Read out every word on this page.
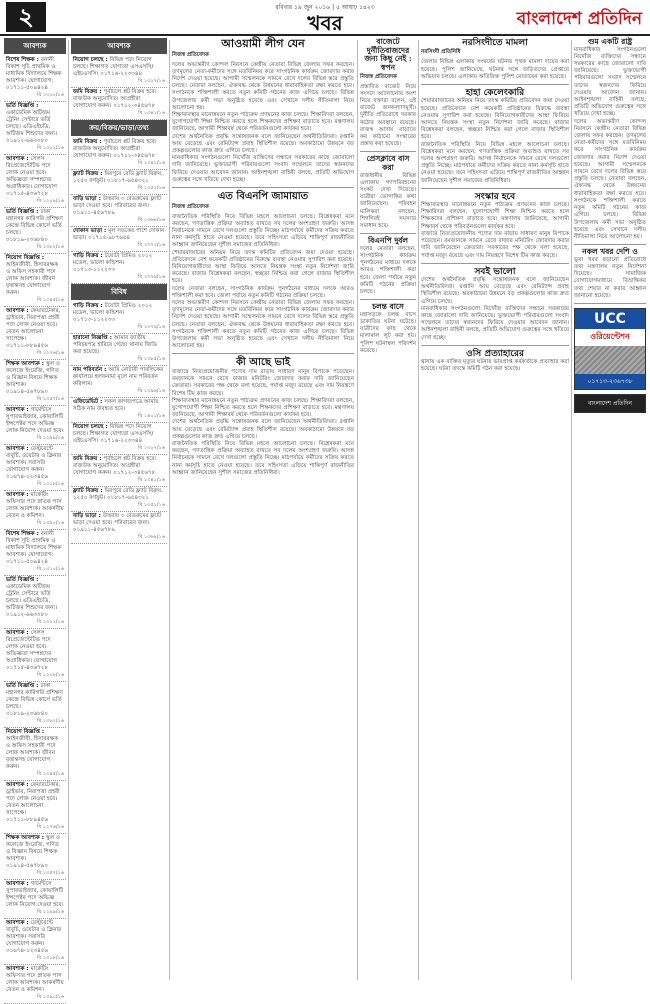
২	রবিবার ১৯ জুন ২০১৬ | ৫ আষাঢ় ১৪২৩
খবর	বাংলাদেশ প্রতিদিন
আবশ্যক
বিশেষ শিক্ষক : বনানী বিকাশ সূচি প্রাথমিক ও মাধ্যমিক বিদ্যালয়ে শিক্ষক আবশ্যক। যোগাযোগ: ০১৭১১-৫০৯৪২৪
বি ১৩১০/১৬
ভর্তি বিজ্ঞপ্তি : একাডেমিক অটিজম ট্রেনিং সেন্টারে ভর্তি চলছে। এডিএইচডি, অটিজম শিশুদের জন্য। ০১৯১২-৬৬৩০৮০
বি ১৩২১/১৬
আবশ্যক : সেলস রিপ্রেজেন্টেটিভ পদে লোক নেওয়া হবে। অভিজ্ঞতা সম্পন্নদের অগ্রাধিকার। যোগাযোগ ০১৭১৫-৪৩৬৭২৮
বি ১২০৮/১৬
ভর্তি বিজ্ঞপ্তি : ঢাকা মহানগর কারিগরি প্রশিক্ষণ কেন্দ্রে বিভিন্ন কোর্সে ভর্তি চলছে। ০১৮১৯-২৩৬৮৪০
বি ১৩৮২/১৬
নিয়োগ বিজ্ঞপ্তি : আইনজীবী, হিসাবরক্ষক ও অফিস সহকারী পদে লোক আবশ্যক। জীবন বৃত্তান্তসহ যোগাযোগ করুন।
বি ১৩৪৫/১৬
আবশ্যক : কেয়ারটেকার, ড্রাইভার, নিরাপত্তা প্রহরী পদে লোক নেওয়া হবে। বেতন আলোচনা সাপেক্ষে। ০১৭১১-৮৮৯৪৫৬
বি ১২৭৬/১৬
শিক্ষক আবশ্যক : স্কুল ও কলেজে ইংরেজি, গণিত ও বিজ্ঞান বিষয়ে শিক্ষক আবশ্যক। ০১৯১৪-৫৬৭৮৯০
বি ১৩৫৭/১৬
আবশ্যক : গার্মেন্টসে সুপারভাইজার, কোয়ালিটি ইন্সপেক্টর পদে অভিজ্ঞ লোক নিয়োগ দেওয়া হবে।
বি ১২৯৯/১৬
আবশ্যক : রেস্টুরেন্টে বাবুর্চি, ওয়েটার ও ক্লিনার আবশ্যক। সরাসরি যোগাযোগ করুন। ০১৬৭৪-১২৩৪৫৬
বি ১৩১৮/১৬
আবশ্যক : মার্কেটিং অফিসার পদে স্নাতক পাস লোক আবশ্যক। আকর্ষণীয় বেতন ও কমিশন।
বি ১৩৯০/১৬
বিশেষ শিক্ষক : বনানী বিকাশ সূচি প্রাথমিক ও মাধ্যমিক বিদ্যালয়ে শিক্ষক আবশ্যক। যোগাযোগ: ০১৭১১-৫০৯৪২৪
বি ১৩১০/১৬
ভর্তি বিজ্ঞপ্তি : একাডেমিক অটিজম ট্রেনিং সেন্টারে ভর্তি চলছে। এডিএইচডি, অটিজম শিশুদের জন্য। ০১৯১২-৬৬৩০৮০
বি ১৩২১/১৬
আবশ্যক : সেলস রিপ্রেজেন্টেটিভ পদে লোক নেওয়া হবে। অভিজ্ঞতা সম্পন্নদের অগ্রাধিকার। যোগাযোগ ০১৭১৫-৪৩৬৭২৮
বি ১২০৮/১৬
ভর্তি বিজ্ঞপ্তি : ঢাকা মহানগর কারিগরি প্রশিক্ষণ কেন্দ্রে বিভিন্ন কোর্সে ভর্তি চলছে। ০১৮১৯-২৩৬৮৪০
বি ১৩৮২/১৬
নিয়োগ বিজ্ঞপ্তি : আইনজীবী, হিসাবরক্ষক ও অফিস সহকারী পদে লোক আবশ্যক। জীবন বৃত্তান্তসহ যোগাযোগ করুন।
বি ১৩৪৫/১৬
আবশ্যক : কেয়ারটেকার, ড্রাইভার, নিরাপত্তা প্রহরী পদে লোক নেওয়া হবে। বেতন আলোচনা সাপেক্ষে। ০১৭১১-৮৮৯৪৫৬
বি ১২৭৬/১৬
শিক্ষক আবশ্যক : স্কুল ও কলেজে ইংরেজি, গণিত ও বিজ্ঞান বিষয়ে শিক্ষক আবশ্যক। ০১৯১৪-৫৬৭৮৯০
বি ১৩৫৭/১৬
আবশ্যক : গার্মেন্টসে সুপারভাইজার, কোয়ালিটি ইন্সপেক্টর পদে অভিজ্ঞ লোক নিয়োগ দেওয়া হবে।
বি ১২৯৯/১৬
আবশ্যক : রেস্টুরেন্টে বাবুর্চি, ওয়েটার ও ক্লিনার আবশ্যক। সরাসরি যোগাযোগ করুন। ০১৬৭৪-১২৩৪৫৬
বি ১৩১৮/১৬
আবশ্যক : মার্কেটিং অফিসার পদে স্নাতক পাস লোক আবশ্যক। আকর্ষণীয় বেতন ও কমিশন।
বি ১৩৯০/১৬
আবশ্যক
নিয়োগ চলছে : বিভিন্ন পদে নিয়োগ চলছে। শিক্ষাগত যোগ্যতা এসএসসি/এইচএসসি। ০১৭১৬-২২৩৩৪৪
বি ১৩২৭/১৬
জমি বিক্রয় : পূর্বাচলে প্লট বিক্রয় হবে। রাজউক অনুমোদিত। আগ্রহীরা যোগাযোগ করুন। ০১৭১২-৩৪৫৬৭৮
বি ১৩৪১/১৬
ক্রয়/বিক্রয়/ভাড়া/তথ্য
জমি বিক্রয় : পূর্বাচলে প্লট বিক্রয় হবে। রাজউক অনুমোদিত। আগ্রহীরা যোগাযোগ করুন। ০১৭১২-৩৪৫৬৭৮
বি ১৩৪১/১৬
ফ্ল্যাট বিক্রয় : মিরপুরে রেডি ফ্ল্যাট বিক্রয়, ১২৫০ বর্গফুট। ০১৮১৭-৬৫৪৩২১
বি ১৩৫২/১৬
বাড়ি ভাড়া : উত্তরায় ৩ বেডরুমের ফ্ল্যাট ভাড়া দেওয়া হবে। পরিবারের জন্য। ০১৯১১-৪৫৬৭৮৯
বি ১৩৬৮/১৬
দোকান ভাড়া : মূল সড়কের পাশে দোকান ভাড়া। ০১৭১৫-৯৮৭৬৫৪
বি ১৩৭৩/১৬
গাড়ি বিক্রয় : টয়োটা প্রিমিও ২০১২ মডেল, ভালো কন্ডিশন। ০১৭১৩-১১২২৩৩
বি ১৩৭৯/১৬
বিবিধ
গাড়ি বিক্রয় : টয়োটা প্রিমিও ২০১২ মডেল, ভালো কন্ডিশন। ০১৭১৩-১১২২৩৩
বি ১৩৭৯/১৬
হারানো বিজ্ঞপ্তি : আমার জাতীয় পরিচয়পত্র হারিয়ে গেছে। থানায় জিডি করা হয়েছে।
বি ১৩৮৫/১৬
নাম পরিবর্তন : আমি নোটারী পাবলিকের কার্যালয়ে হলফনামা মূলে নাম পরিবর্তন করিলাম।
বি ১৩৯৬/১৬
এফিডেভিট : সকল কাগজপত্রে আমার সঠিক নাম ব্যবহৃত হবে।
বি ১৪০১/১৬
নিয়োগ চলছে : বিভিন্ন পদে নিয়োগ চলছে। শিক্ষাগত যোগ্যতা এসএসসি/এইচএসসি। ০১৭১৬-২২৩৩৪৪
বি ১৩২৭/১৬
জমি বিক্রয় : পূর্বাচলে প্লট বিক্রয় হবে। রাজউক অনুমোদিত। আগ্রহীরা যোগাযোগ করুন। ০১৭১২-৩৪৫৬৭৮
বি ১৩৪১/১৬
ফ্ল্যাট বিক্রয় : মিরপুরে রেডি ফ্ল্যাট বিক্রয়, ১২৫০ বর্গফুট। ০১৮১৭-৬৫৪৩২১
বি ১৩৫২/১৬
বাড়ি ভাড়া : উত্তরায় ৩ বেডরুমের ফ্ল্যাট ভাড়া দেওয়া হবে। পরিবারের জন্য। ০১৯১১-৪৫৬৭৮৯
বি ১৩৬৮/১৬
আওয়ামী লীগ যেন
নিজস্ব প্রতিবেদক
দলের অভ্যন্তরীণ কোন্দল নিরসনে কেন্দ্রীয় নেতারা বিভিন্ন জেলায় সফর করছেন। তৃণমূলের নেতা-কর্মীদের সঙ্গে মতবিনিময় করে সাংগঠনিক কার্যক্রম জোরদার করার নির্দেশ দেওয়া হয়েছে। আগামী সম্মেলনকে সামনে রেখে দলের বিভিন্ন স্তরে প্রস্তুতি চলছে। নেতারা বলছেন, ঐক্যবদ্ধ থেকে উন্নয়নের ধারাবাহিকতা রক্ষা করতে হবে। সংগঠনকে শক্তিশালী করতে নতুন কমিটি গঠনের কাজ এগিয়ে চলছে। বিভিন্ন উপজেলায় কর্মী সভা অনুষ্ঠিত হয়েছে এবং সেখানে দলীয় নীতিমালা নিয়ে আলোচনা হয়।
শিক্ষাব্যবস্থার মানোন্নয়নে নতুন পাঠ্যক্রম প্রণয়নের কাজ চলছে। শিক্ষাবিদরা বলছেন, যুগোপযোগী শিক্ষা নিশ্চিত করতে হলে শিক্ষকদের প্রশিক্ষণ বাড়াতে হবে। মন্ত্রণালয় জানিয়েছে, আগামী শিক্ষাবর্ষ থেকে পরিবর্তনগুলো কার্যকর হবে।
দেশের অর্থনৈতিক প্রবৃদ্ধি সন্তোষজনক বলে জানিয়েছেন অর্থনীতিবিদরা। রপ্তানি আয় বেড়েছে এবং রেমিট্যান্স প্রবাহ স্থিতিশীল রয়েছে। অবকাঠামো উন্নয়নে বড় প্রকল্পগুলোর কাজ দ্রুত এগিয়ে চলছে।
মানবাধিকার সংগঠনগুলো নিখোঁজ ব্যক্তিদের সন্ধানে সরকারের কাছে জোরালো দাবি জানিয়েছে। ভুক্তভোগী পরিবারগুলো সংবাদ সম্মেলনে তাদের স্বজনদের ফিরিয়ে দেওয়ার আবেদন জানান। আইনশৃঙ্খলা বাহিনী বলছে, প্রতিটি অভিযোগ গুরুত্বের সঙ্গে খতিয়ে দেখা হচ্ছে।
এত বিএনপি জামায়াত
নিজস্ব প্রতিবেদক
রাজনৈতিক পরিস্থিতি নিয়ে বিভিন্ন মহলে আলোচনা চলছে। বিশ্লেষকরা মনে করছেন, গণতান্ত্রিক প্রক্রিয়া অব্যাহত রাখতে সব দলের অংশগ্রহণ জরুরি। আসন্ন নির্বাচনকে সামনে রেখে দলগুলো প্রস্তুতি নিচ্ছে। মাঠপর্যায়ে কর্মীদের সক্রিয় করতে নানা কর্মসূচি হাতে নেওয়া হয়েছে। তবে সহিংসতা এড়িয়ে শান্তিপূর্ণ রাজনীতির আহ্বান জানিয়েছেন সুশীল সমাজের প্রতিনিধিরা।
শেয়ারবাজারের অনিয়ম নিয়ে তদন্ত কমিটির প্রতিবেদন জমা দেওয়া হয়েছে। প্রতিবেদনে বেশ কয়েকটি প্রতিষ্ঠানের বিরুদ্ধে ব্যবস্থা নেওয়ার সুপারিশ করা হয়েছে। বিনিয়োগকারীদের আস্থা ফিরিয়ে আনতে নিয়ন্ত্রক সংস্থা নতুন নির্দেশনা জারি করেছে। বাজার বিশ্লেষকরা বলছেন, স্বচ্ছতা নিশ্চিত করা গেলে বাজার স্থিতিশীল হবে।
দলের নেতারা বলছেন, সাংগঠনিক কার্যক্রম পুনর্গঠনের মাধ্যমে দলকে আরও শক্তিশালী করা হবে। জেলা পর্যায়ে নতুন কমিটি গঠনের প্রক্রিয়া চলছে।
দলের অভ্যন্তরীণ কোন্দল নিরসনে কেন্দ্রীয় নেতারা বিভিন্ন জেলায় সফর করছেন। তৃণমূলের নেতা-কর্মীদের সঙ্গে মতবিনিময় করে সাংগঠনিক কার্যক্রম জোরদার করার নির্দেশ দেওয়া হয়েছে। আগামী সম্মেলনকে সামনে রেখে দলের বিভিন্ন স্তরে প্রস্তুতি চলছে। নেতারা বলছেন, ঐক্যবদ্ধ থেকে উন্নয়নের ধারাবাহিকতা রক্ষা করতে হবে। সংগঠনকে শক্তিশালী করতে নতুন কমিটি গঠনের কাজ এগিয়ে চলছে। বিভিন্ন উপজেলায় কর্মী সভা অনুষ্ঠিত হয়েছে এবং সেখানে দলীয় নীতিমালা নিয়ে আলোচনা হয়।
কী আছে ভাই
বাজারে নিত্যপ্রয়োজনীয় পণ্যের দাম বাড়ায় সাধারণ মানুষ বিপাকে পড়েছেন। রমজানকে সামনে রেখে বাজার মনিটরিং জোরদার করার দাবি জানিয়েছেন ক্রেতারা। সরকারের পক্ষ থেকে বলা হয়েছে, পর্যাপ্ত মজুদ রয়েছে এবং দাম নিয়ন্ত্রণে বিশেষ টিম কাজ করছে।
শিক্ষাব্যবস্থার মানোন্নয়নে নতুন পাঠ্যক্রম প্রণয়নের কাজ চলছে। শিক্ষাবিদরা বলছেন, যুগোপযোগী শিক্ষা নিশ্চিত করতে হলে শিক্ষকদের প্রশিক্ষণ বাড়াতে হবে। মন্ত্রণালয় জানিয়েছে, আগামী শিক্ষাবর্ষ থেকে পরিবর্তনগুলো কার্যকর হবে।
দেশের অর্থনৈতিক প্রবৃদ্ধি সন্তোষজনক বলে জানিয়েছেন অর্থনীতিবিদরা। রপ্তানি আয় বেড়েছে এবং রেমিট্যান্স প্রবাহ স্থিতিশীল রয়েছে। অবকাঠামো উন্নয়নে বড় প্রকল্পগুলোর কাজ দ্রুত এগিয়ে চলছে।
রাজনৈতিক পরিস্থিতি নিয়ে বিভিন্ন মহলে আলোচনা চলছে। বিশ্লেষকরা মনে করছেন, গণতান্ত্রিক প্রক্রিয়া অব্যাহত রাখতে সব দলের অংশগ্রহণ জরুরি। আসন্ন নির্বাচনকে সামনে রেখে দলগুলো প্রস্তুতি নিচ্ছে। মাঠপর্যায়ে কর্মীদের সক্রিয় করতে নানা কর্মসূচি হাতে নেওয়া হয়েছে। তবে সহিংসতা এড়িয়ে শান্তিপূর্ণ রাজনীতির আহ্বান জানিয়েছেন সুশীল সমাজের প্রতিনিধিরা।
বাজেটে দুর্নীতিবাজদের জন্য কিছু নেই : স্বপন
নিজস্ব প্রতিবেদক
প্রস্তাবিত বাজেট নিয়ে সংসদে আলোচনায় অংশ নিয়ে বক্তারা বলেন, এই বাজেট জনকল্যাণমুখী। দুর্নীতি প্রতিরোধে সরকার কঠোর অবস্থানে রয়েছে। রাজস্ব আদায় বাড়াতে কর কাঠামো সংস্কারের প্রস্তাব করা হয়েছে।
প্রেসক্লাবে বাস করা
রাজধানীর বিভিন্ন এলাকায় গণপরিবহনের সংকট দেখা দিয়েছে। যাত্রীরা ভোগান্তির কথা জানিয়েছেন। পরিবহন মালিকরা বলছেন, শিগগিরই সমস্যার সমাধান হবে।
বিএনপি দুর্বল
দলের নেতারা বলছেন, সাংগঠনিক কার্যক্রম পুনর্গঠনের মাধ্যমে দলকে আরও শক্তিশালী করা হবে। জেলা পর্যায়ে নতুন কমিটি গঠনের প্রক্রিয়া চলছে।
চলন্ত বাসে
মহাসড়কে চলন্ত বাসে ডাকাতির ঘটনা ঘটেছে। যাত্রীদের কাছ থেকে মালামাল লুট করা হয়। পুলিশ ঘটনাস্থল পরিদর্শন করেছে।
নরসিংদীতে মামলা
নরসিংদী প্রতিনিধি
জেলার বিভিন্ন এলাকায় সংঘর্ষের ঘটনায় পৃথক মামলা দায়ের করা হয়েছে। পুলিশ জানিয়েছে, ঘটনার সঙ্গে জড়িতদের গ্রেপ্তারে অভিযান চলছে। এলাকায় অতিরিক্ত পুলিশ মোতায়েন করা হয়েছে।
হাহা কেলেংকারি
শেয়ারবাজারের অনিয়ম নিয়ে তদন্ত কমিটির প্রতিবেদন জমা দেওয়া হয়েছে। প্রতিবেদনে বেশ কয়েকটি প্রতিষ্ঠানের বিরুদ্ধে ব্যবস্থা নেওয়ার সুপারিশ করা হয়েছে। বিনিয়োগকারীদের আস্থা ফিরিয়ে আনতে নিয়ন্ত্রক সংস্থা নতুন নির্দেশনা জারি করেছে। বাজার বিশ্লেষকরা বলছেন, স্বচ্ছতা নিশ্চিত করা গেলে বাজার স্থিতিশীল হবে।
রাজনৈতিক পরিস্থিতি নিয়ে বিভিন্ন মহলে আলোচনা চলছে। বিশ্লেষকরা মনে করছেন, গণতান্ত্রিক প্রক্রিয়া অব্যাহত রাখতে সব দলের অংশগ্রহণ জরুরি। আসন্ন নির্বাচনকে সামনে রেখে দলগুলো প্রস্তুতি নিচ্ছে। মাঠপর্যায়ে কর্মীদের সক্রিয় করতে নানা কর্মসূচি হাতে নেওয়া হয়েছে। তবে সহিংসতা এড়িয়ে শান্তিপূর্ণ রাজনীতির আহ্বান জানিয়েছেন সুশীল সমাজের প্রতিনিধিরা।
সংস্কার হবে
শিক্ষাব্যবস্থার মানোন্নয়নে নতুন পাঠ্যক্রম প্রণয়নের কাজ চলছে। শিক্ষাবিদরা বলছেন, যুগোপযোগী শিক্ষা নিশ্চিত করতে হলে শিক্ষকদের প্রশিক্ষণ বাড়াতে হবে। মন্ত্রণালয় জানিয়েছে, আগামী শিক্ষাবর্ষ থেকে পরিবর্তনগুলো কার্যকর হবে।
বাজারে নিত্যপ্রয়োজনীয় পণ্যের দাম বাড়ায় সাধারণ মানুষ বিপাকে পড়েছেন। রমজানকে সামনে রেখে বাজার মনিটরিং জোরদার করার দাবি জানিয়েছেন ক্রেতারা। সরকারের পক্ষ থেকে বলা হয়েছে, পর্যাপ্ত মজুদ রয়েছে এবং দাম নিয়ন্ত্রণে বিশেষ টিম কাজ করছে।
সবই ভালো
দেশের অর্থনৈতিক প্রবৃদ্ধি সন্তোষজনক বলে জানিয়েছেন অর্থনীতিবিদরা। রপ্তানি আয় বেড়েছে এবং রেমিট্যান্স প্রবাহ স্থিতিশীল রয়েছে। অবকাঠামো উন্নয়নে বড় প্রকল্পগুলোর কাজ দ্রুত এগিয়ে চলছে।
মানবাধিকার সংগঠনগুলো নিখোঁজ ব্যক্তিদের সন্ধানে সরকারের কাছে জোরালো দাবি জানিয়েছে। ভুক্তভোগী পরিবারগুলো সংবাদ সম্মেলনে তাদের স্বজনদের ফিরিয়ে দেওয়ার আবেদন জানান। আইনশৃঙ্খলা বাহিনী বলছে, প্রতিটি অভিযোগ গুরুত্বের সঙ্গে খতিয়ে দেখা হচ্ছে।
ওসি প্রত্যাহারের
থানায় এক ব্যক্তির মৃত্যুর ঘটনায় ভারপ্রাপ্ত কর্মকর্তাকে প্রত্যাহার করা হয়েছে। ঘটনা তদন্তে কমিটি গঠন করা হয়েছে।
গুম একটি রাষ্ট্র
মানবাধিকার সংগঠনগুলো নিখোঁজ ব্যক্তিদের সন্ধানে সরকারের কাছে জোরালো দাবি জানিয়েছে। ভুক্তভোগী পরিবারগুলো সংবাদ সম্মেলনে তাদের স্বজনদের ফিরিয়ে দেওয়ার আবেদন জানান। আইনশৃঙ্খলা বাহিনী বলছে, প্রতিটি অভিযোগ গুরুত্বের সঙ্গে খতিয়ে দেখা হচ্ছে।
দলের অভ্যন্তরীণ কোন্দল নিরসনে কেন্দ্রীয় নেতারা বিভিন্ন জেলায় সফর করছেন। তৃণমূলের নেতা-কর্মীদের সঙ্গে মতবিনিময় করে সাংগঠনিক কার্যক্রম জোরদার করার নির্দেশ দেওয়া হয়েছে। আগামী সম্মেলনকে সামনে রেখে দলের বিভিন্ন স্তরে প্রস্তুতি চলছে। নেতারা বলছেন, ঐক্যবদ্ধ থেকে উন্নয়নের ধারাবাহিকতা রক্ষা করতে হবে। সংগঠনকে শক্তিশালী করতে নতুন কমিটি গঠনের কাজ এগিয়ে চলছে। বিভিন্ন উপজেলায় কর্মী সভা অনুষ্ঠিত হয়েছে এবং সেখানে দলীয় নীতিমালা নিয়ে আলোচনা হয়।
নকল খবর দেশি ও
ভুয়া খবর ছড়ানো প্রতিরোধে তথ্য মন্ত্রণালয় নতুন নির্দেশনা দিয়েছে। সামাজিক যোগাযোগমাধ্যমে বিভ্রান্তিকর তথ্য শেয়ার না করার আহ্বান জানানো হয়েছে।
UCC
ওরিয়েন্টেশন
০১৭১৩-২৩৬৭৩৮
বাংলাদেশ প্রতিদিন
